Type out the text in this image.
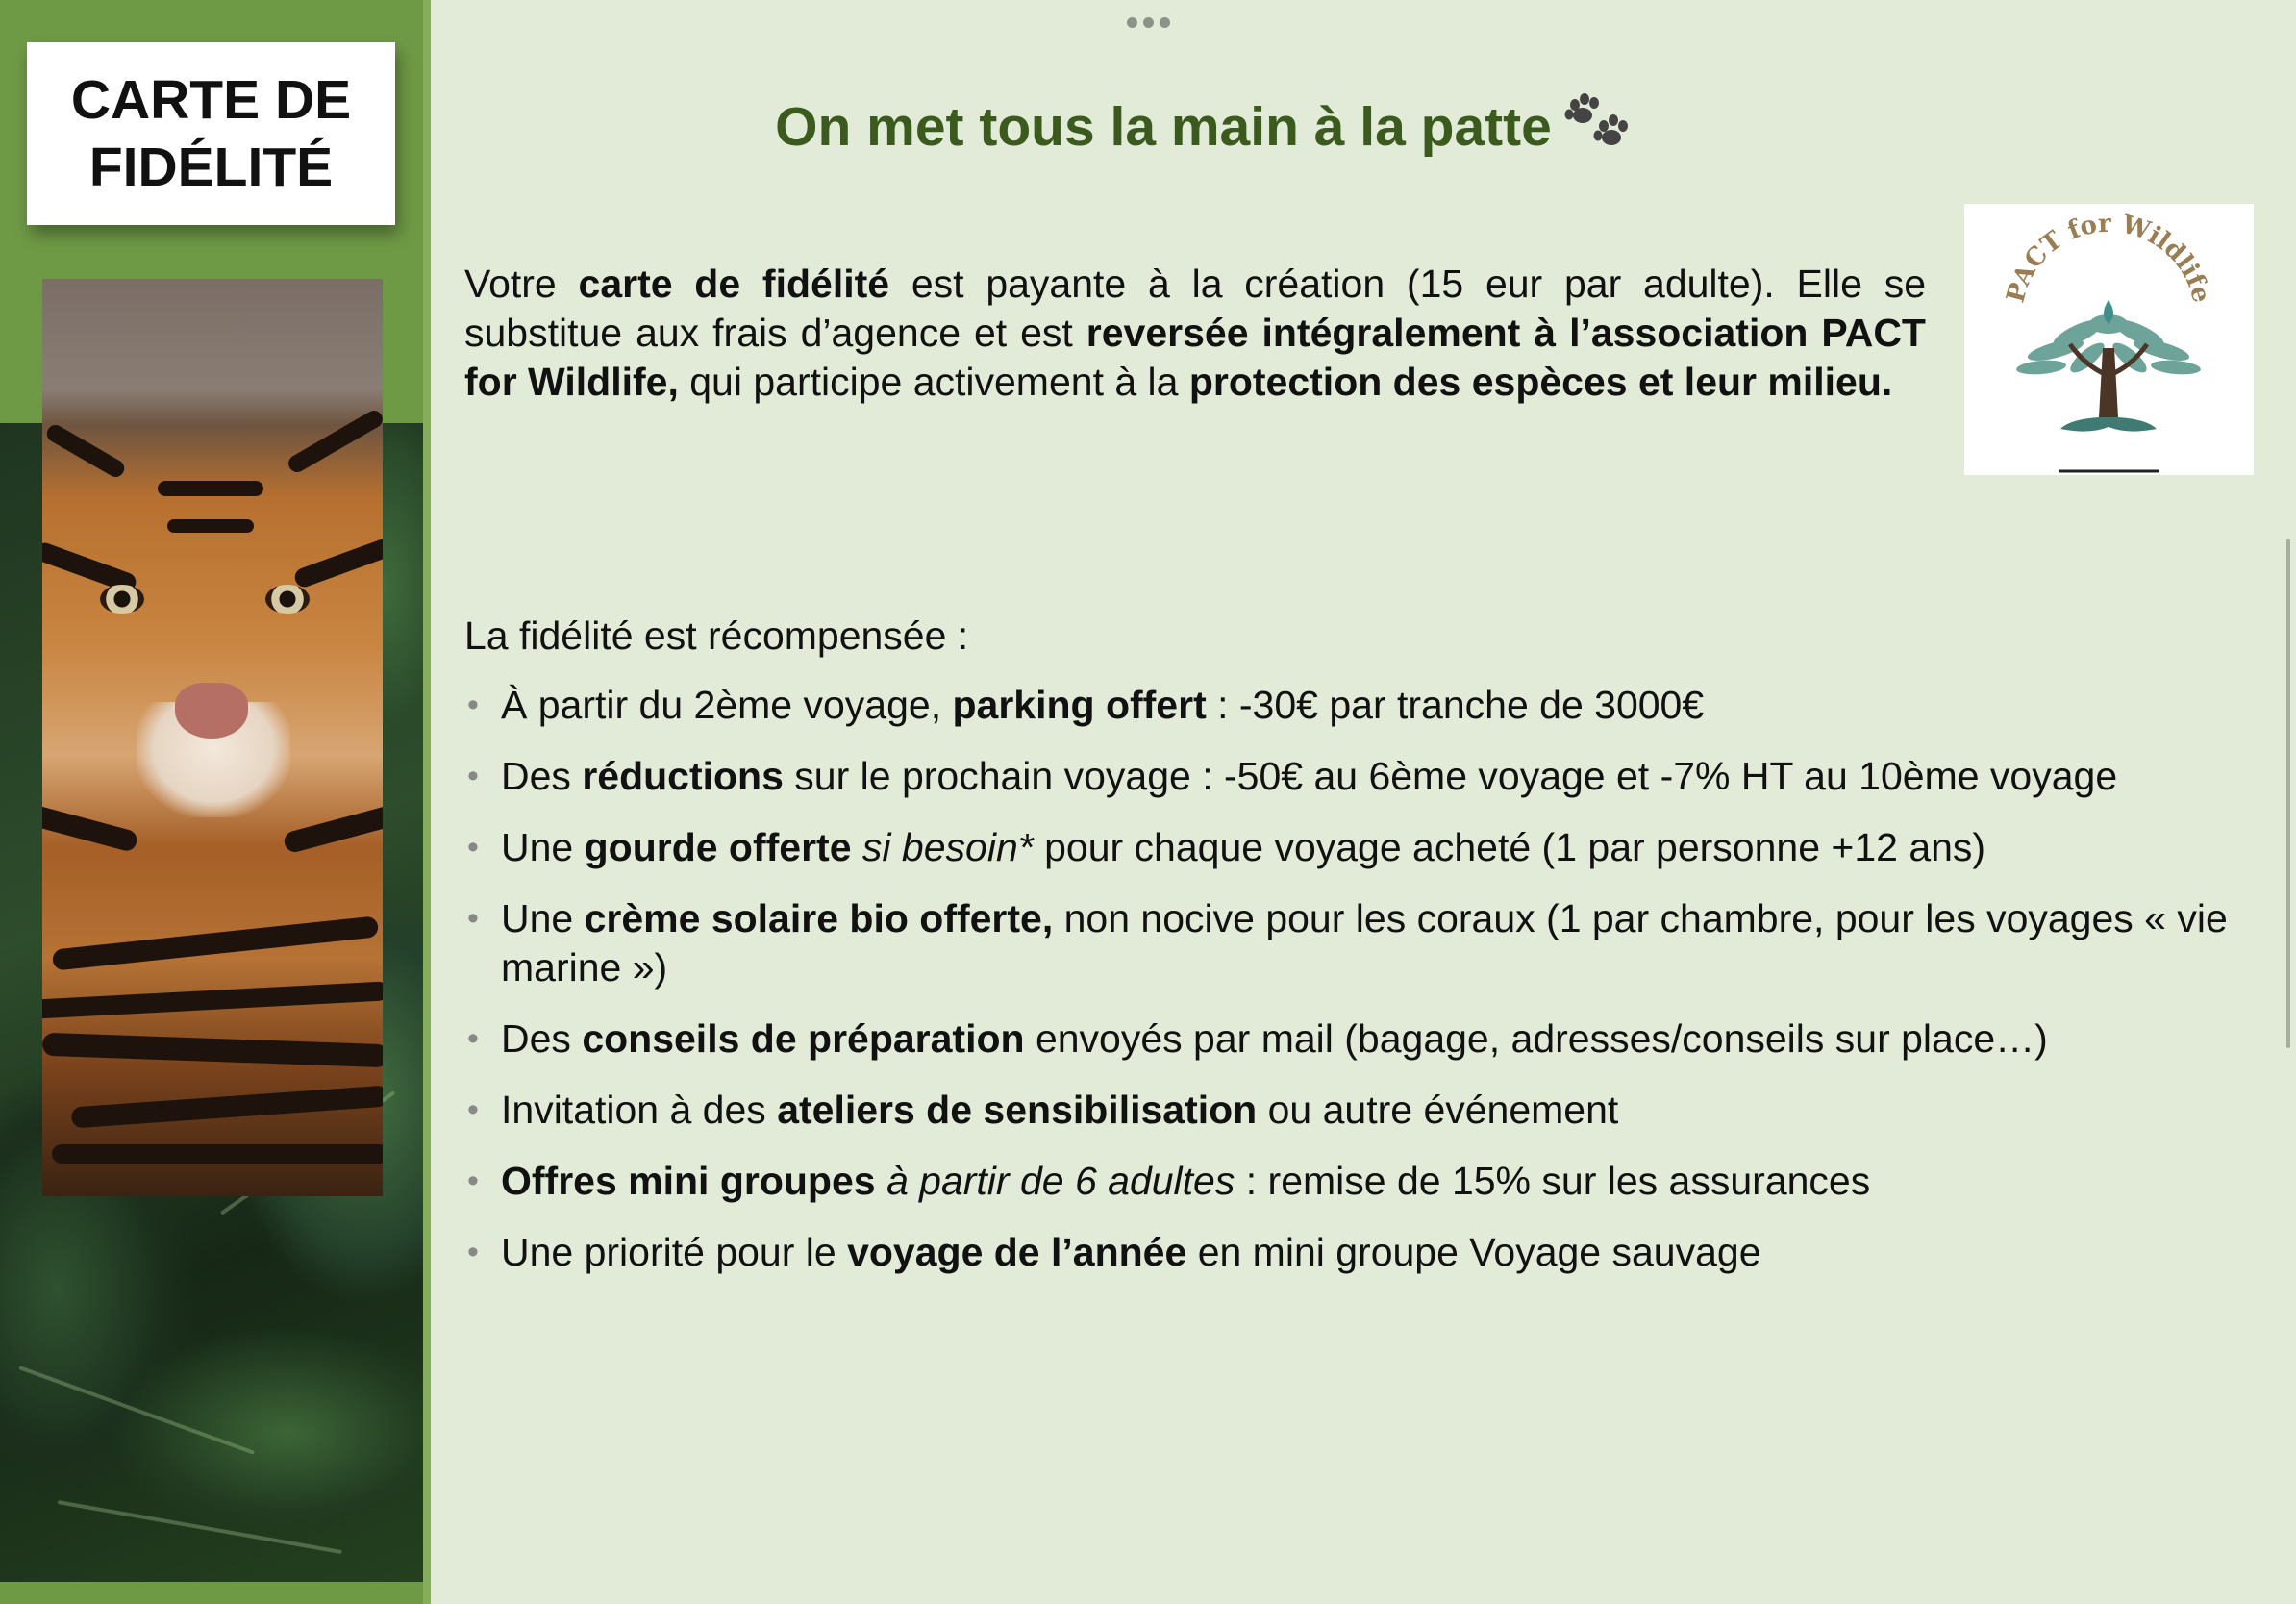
CARTE DE
FIDÉLITÉ
On met tous la main à la patte
PACT for Wildlife

Votre carte de fidélité est payante à la création (15 eur par adulte). Elle se substitue aux frais d’agence et est reversée intégralement à l’association PACT for Wildlife, qui participe activement à la protection des espèces et leur milieu.

La fidélité est récompensée :

• À partir du 2ème voyage, parking offert : -30€ par tranche de 3000€
• Des réductions sur le prochain voyage : -50€ au 6ème voyage et -7% HT au 10ème voyage
• Une gourde offerte si besoin* pour chaque voyage acheté (1 par personne +12 ans)
• Une crème solaire bio offerte, non nocive pour les coraux (1 par chambre, pour les voyages « vie marine »)
• Des conseils de préparation envoyés par mail (bagage, adresses/conseils sur place…)
• Invitation à des ateliers de sensibilisation ou autre événement
• Offres mini groupes à partir de 6 adultes : remise de 15% sur les assurances
• Une priorité pour le voyage de l’année en mini groupe Voyage sauvage
